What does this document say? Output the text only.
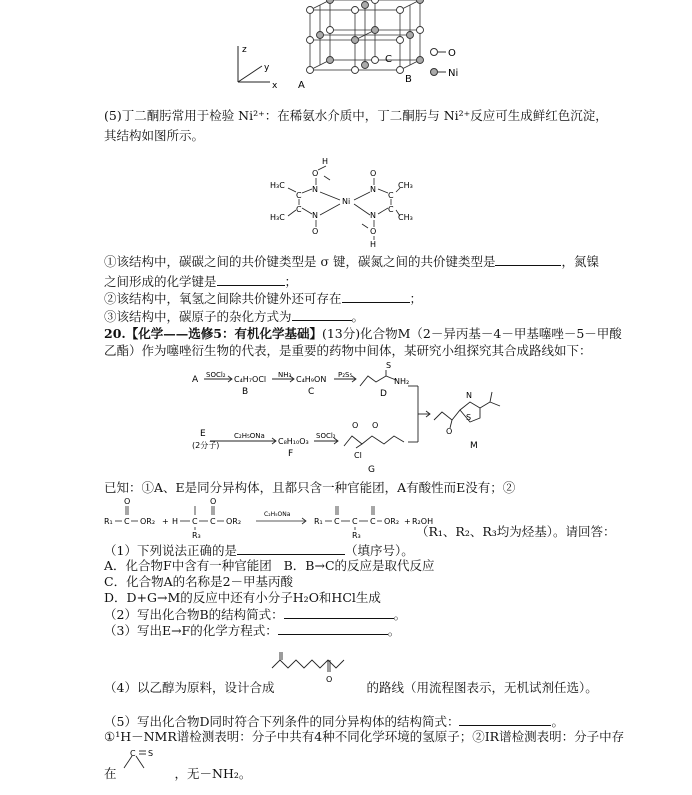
z
y
x A
B
C
O
Ni
(5)丁二酮肟常用于检验 Ni²⁺：在稀氨水介质中，丁二酮肟与 Ni²⁺反应可生成鲜红色沉淀，
其结构如图所示。
H
O	O
N	N
Ni
N	N
O	O
H
H₃C
H₃C
CH₃
CH₃
C
C
C
C
①该结构中，碳碳之间的共价键类型是 σ 键，碳氮之间的共价键类型是	，氮镍
之间形成的化学键是	；
②该结构中，氧氢之间除共价键外还可存在	；
③该结构中，碳原子的杂化方式为	。
20.【化学——选修5：有机化学基础】(13分)化合物M（2－异丙基－4－甲基噻唑－5－甲酸
乙酯）作为噻唑衍生物的代表，是重要的药物中间体，某研究小组探究其合成路线如下：
A SOCl₂ C₄H₇OCl
B
NH₃ C₄H₉ON
C
P₂S₅
S
NH₂
D
E
(2分子)
C₂H₅ONa
C₈H₁₀O₃
F
SOCl₂
O O
Cl
G
N
S
O
M
已知：①A、E是同分异构体，且都只含一种官能团，A有酸性而E没有；②
R₁ C
O
OR₂ + H C C
O
OR₂
C₂H₅ONa
R₁ C C C OR₂ + R₂OH
R₃	R₃	（R₁、R₂、R₃均为烃基）。请回答：
（1）下列说法正确的是	（填序号）。
A．化合物F中含有一种官能团 B．B→C的反应是取代反应
C．化合物A的名称是2－甲基丙酸
D．D+G→M的反应中还有小分子H₂O和HCl生成
（2）写出化合物B的结构简式：	。
（3）写出E→F的化学方程式：	。
O
（4）以乙醇为原料，设计合成	的路线（用流程图表示，无机试剂任选）。
（5）写出化合物D同时符合下列条件的同分异构体的结构简式：	。
①¹H－NMR谱检测表明：分子中共有4种不同化学环境的氢原子；②IR谱检测表明：分子中存
C S
在	，无－NH₂。
